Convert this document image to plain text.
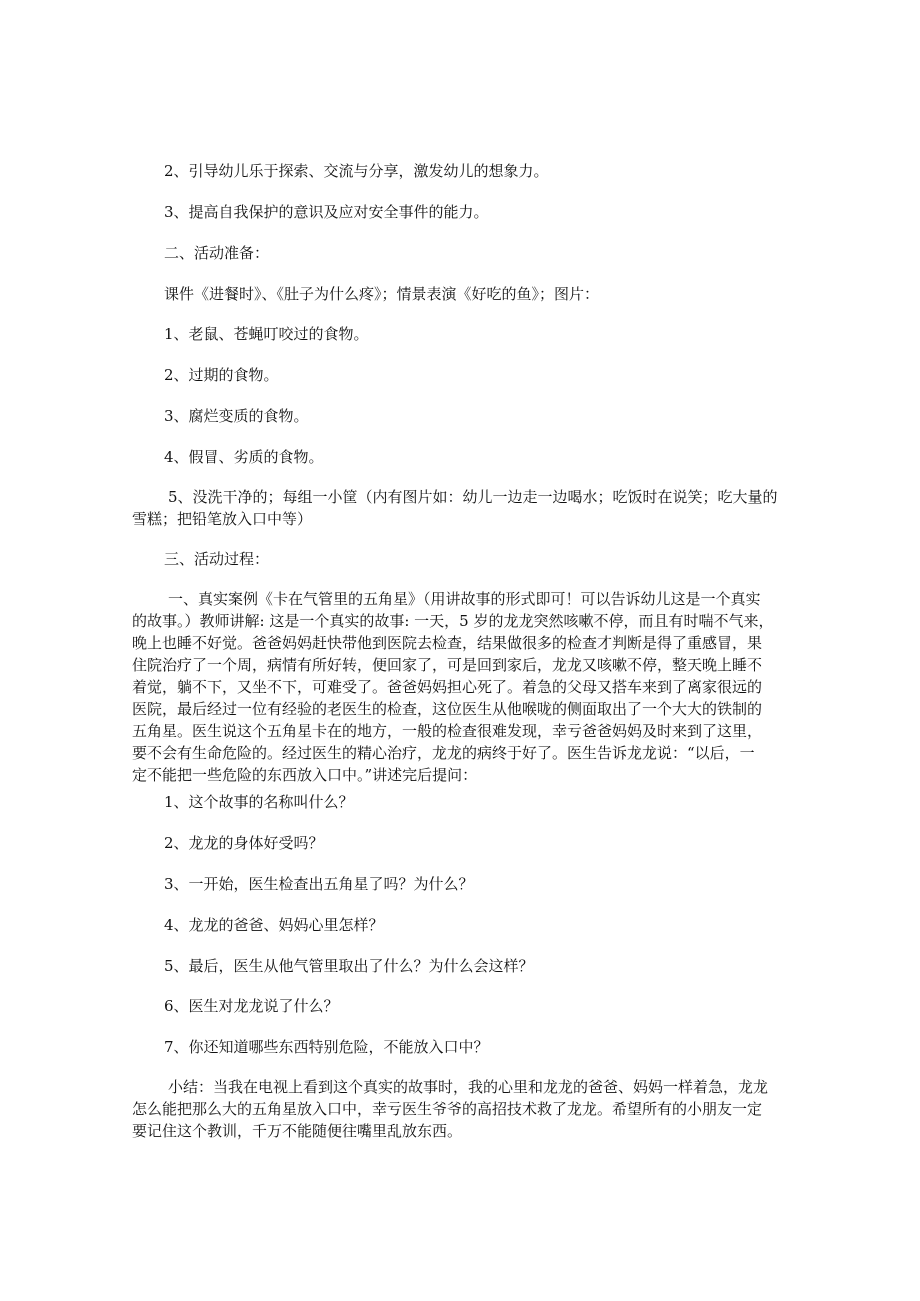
2、引导幼儿乐于探索、交流与分享，激发幼儿的想象力。
3、提高自我保护的意识及应对安全事件的能力。
二、活动准备：
课件《进餐时》、《肚子为什么疼》；情景表演《好吃的鱼》；图片：
1、老鼠、苍蝇叮咬过的食物。
2、过期的食物。
3、腐烂变质的食物。
4、假冒、劣质的食物。
5、没洗干净的；每组一小筐（内有图片如：幼儿一边走一边喝水；吃饭时在说笑；吃大量的
雪糕；把铅笔放入口中等）
三、活动过程：
一、真实案例《卡在气管里的五角星》（用讲故事的形式即可！可以告诉幼儿这是一个真实
的故事。）教师讲解: 这是一个真实的故事: 一天，5 岁的龙龙突然咳嗽不停，而且有时喘不气来，
晚上也睡不好觉。爸爸妈妈赶快带他到医院去检查，结果做很多的检查才判断是得了重感冒，果
住院治疗了一个周，病情有所好转，便回家了，可是回到家后，龙龙又咳嗽不停，整天晚上睡不
着觉，躺不下，又坐不下，可难受了。爸爸妈妈担心死了。着急的父母又搭车来到了离家很远的
医院，最后经过一位有经验的老医生的检查，这位医生从他喉咙的侧面取出了一个大大的铁制的
五角星。医生说这个五角星卡在的地方，一般的检查很难发现，幸亏爸爸妈妈及时来到了这里，
要不会有生命危险的。经过医生的精心治疗，龙龙的病终于好了。医生告诉龙龙说：“以后，一
定不能把一些危险的东西放入口中。”讲述完后提问：
1、这个故事的名称叫什么？
2、龙龙的身体好受吗？
3、一开始，医生检查出五角星了吗？为什么？
4、龙龙的爸爸、妈妈心里怎样？
5、最后，医生从他气管里取出了什么？为什么会这样？
6、医生对龙龙说了什么？
7、你还知道哪些东西特别危险，不能放入口中？
小结：当我在电视上看到这个真实的故事时，我的心里和龙龙的爸爸、妈妈一样着急，龙龙
怎么能把那么大的五角星放入口中，幸亏医生爷爷的高招技术救了龙龙。希望所有的小朋友一定
要记住这个教训，千万不能随便往嘴里乱放东西。
